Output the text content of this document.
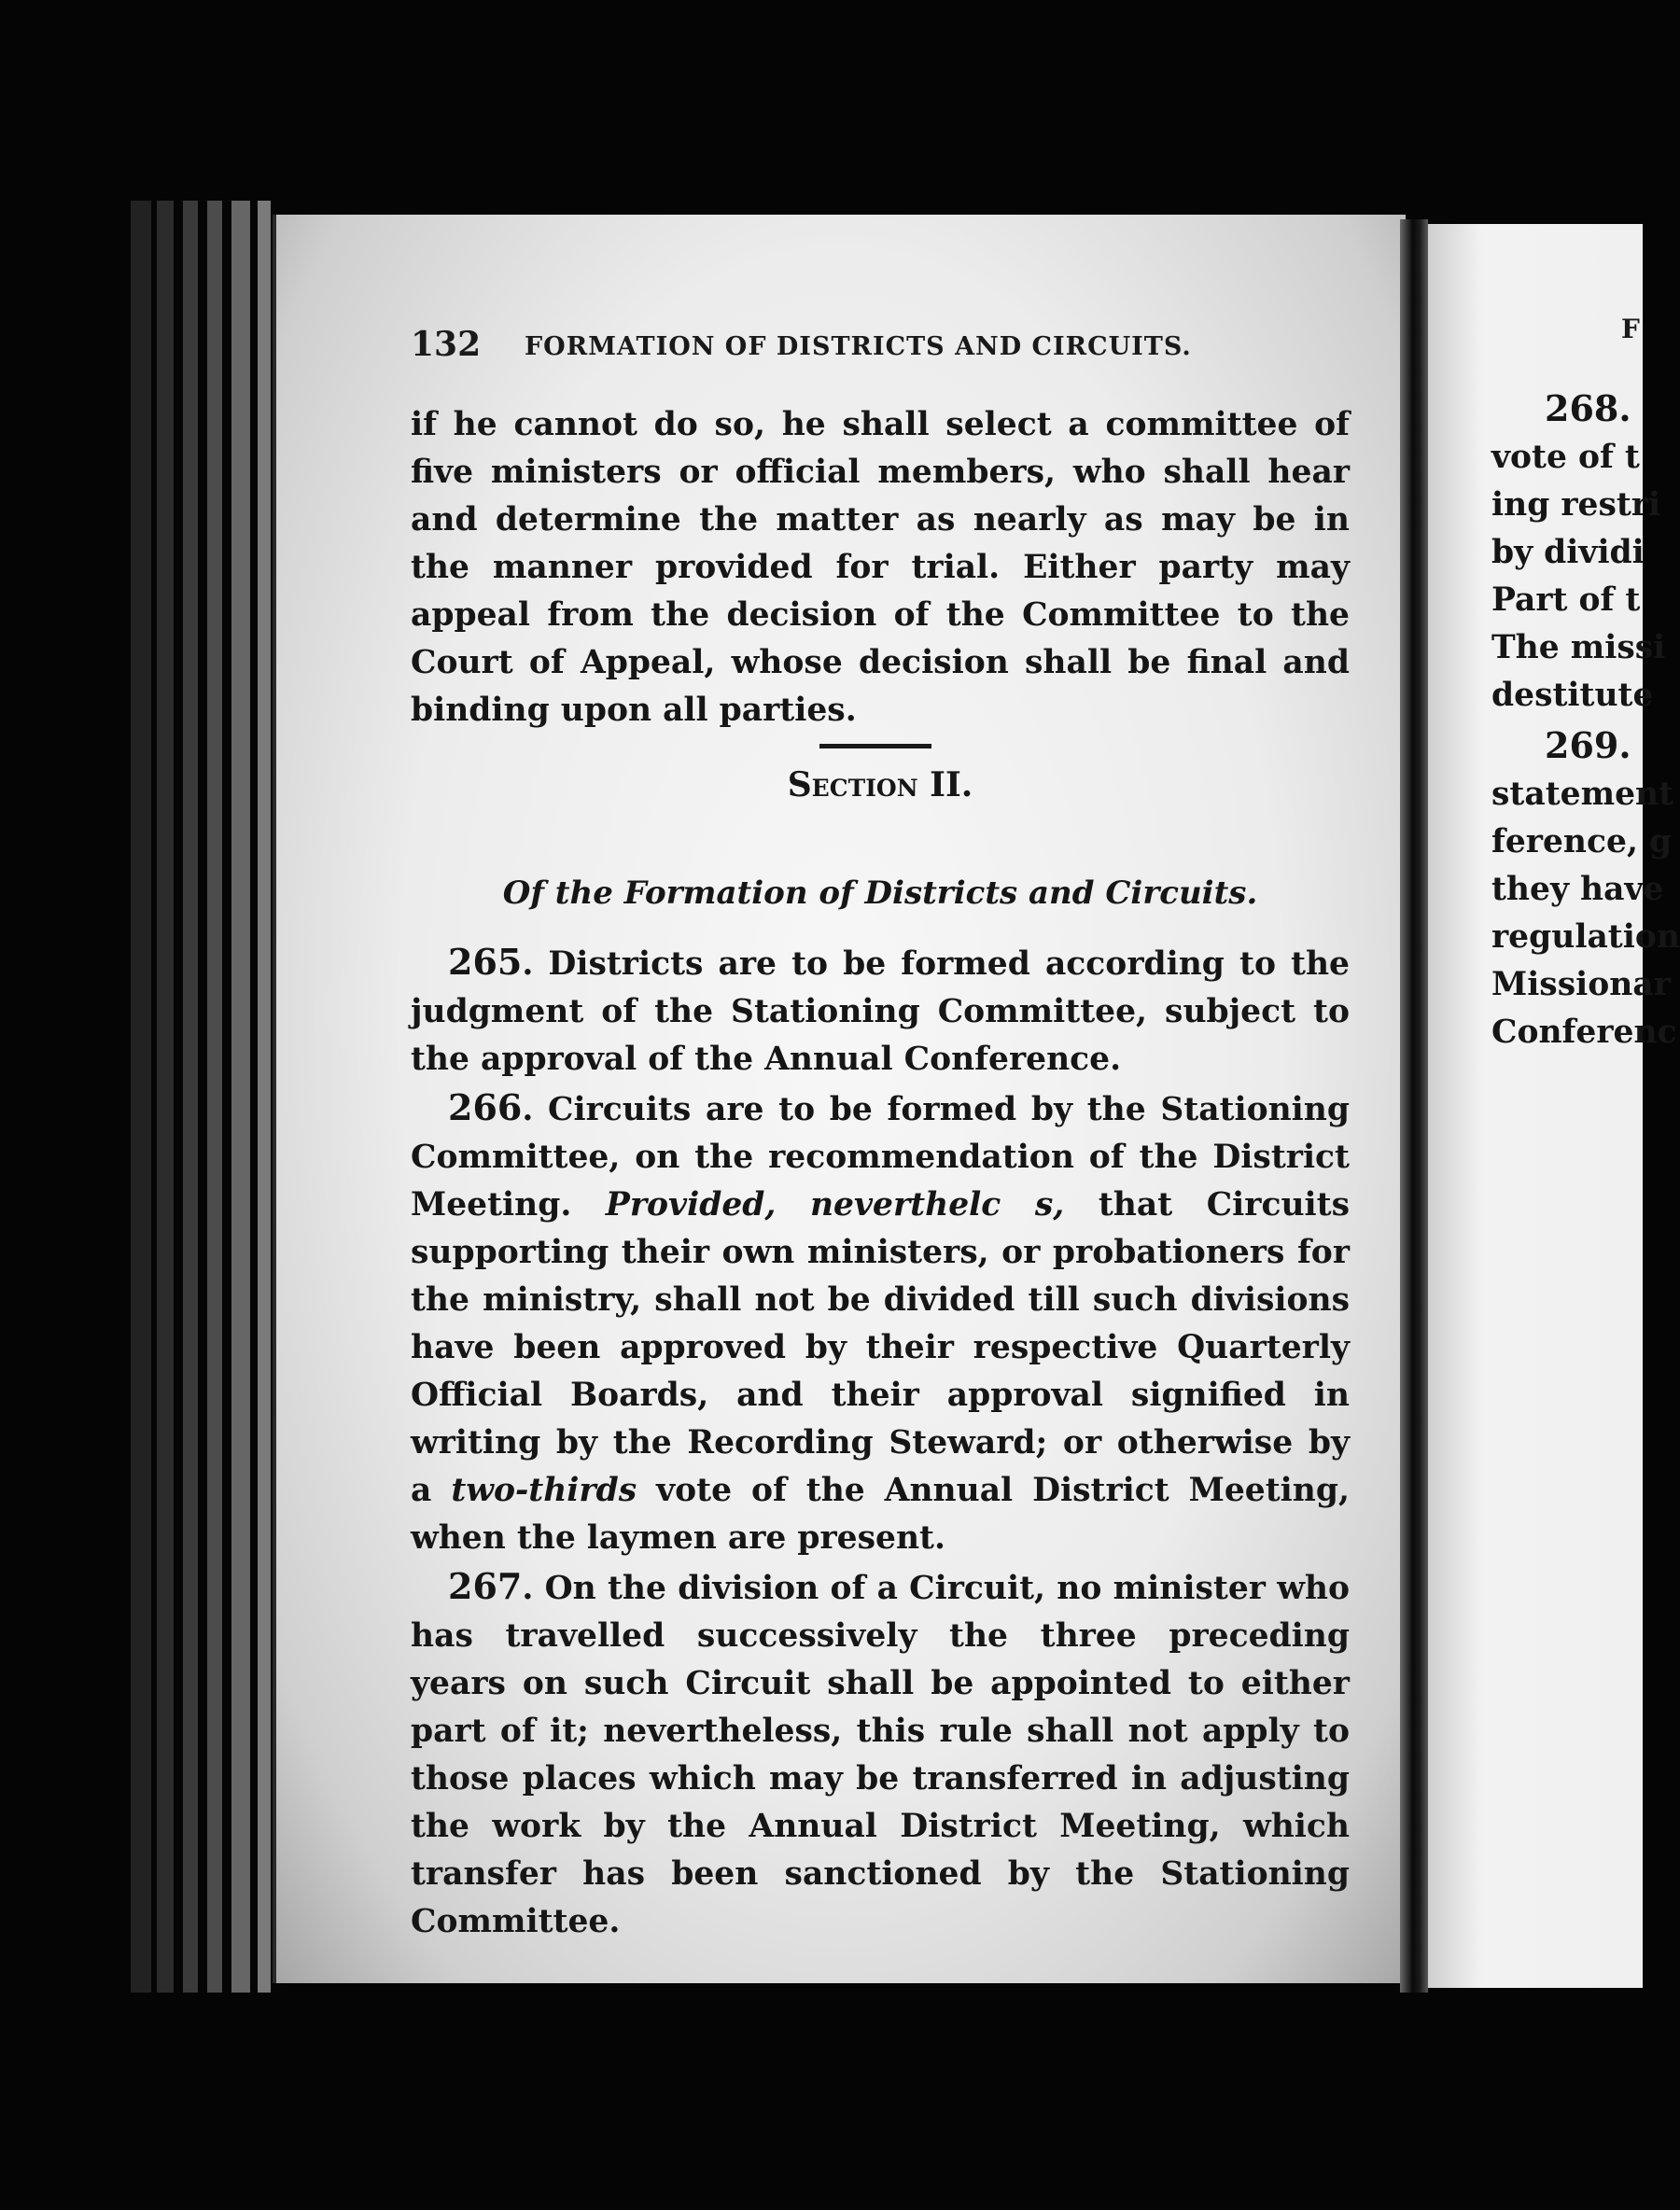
132 FORMATION OF DISTRICTS AND CIRCUITS.

if he cannot do so, he shall select a committee of five ministers or official members, who shall hear and determine the matter as nearly as may be in the manner provided for trial. Either party may appeal from the decision of the Committee to the Court of Appeal, whose decision shall be final and binding upon all parties.

Section II.
Of the Formation of Districts and Circuits.

265. Districts are to be formed according to the judgment of the Stationing Committee, subject to the approval of the Annual Conference.

266. Circuits are to be formed by the Stationing Committee, on the recommendation of the District Meeting. Provided, neverthelc s, that Circuits supporting their own ministers, or probationers for the ministry, shall not be divided till such divisions have been approved by their respective Quarterly Official Boards, and their approval signified in writing by the Recording Steward; or otherwise by a two-thirds vote of the Annual District Meeting, when the laymen are present.

267. On the division of a Circuit, no minister who has travelled successively the three preceding years on such Circuit shall be appointed to either part of it; nevertheless, this rule shall not apply to those places which may be transferred in adjusting the work by the Annual District Meeting, which transfer has been sanctioned by the Stationing Committee.

F
268.
vote of t
ing restri
by dividi
Part of t
The missi
destitute
269.
statement
ference, g
they have
regulation
Missionar
Conferenc
